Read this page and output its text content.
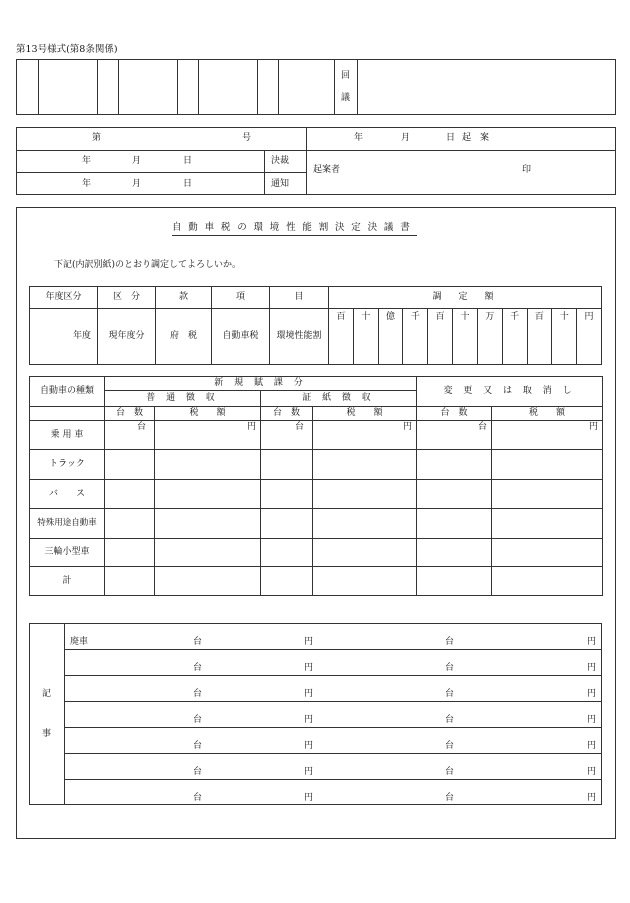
第13号様式(第8条関係)
回
議
第	号	年	月	日 起　案
年	月	日	決裁
年	月	日	通知
起案者	印
自動車税の環境性能割決定決議書
下記(内訳別紙)のとおり調定してよろしいか。
年度区分	区　分	款	項	目	調　定　額										
年度	現年度分	府　税	自動車税	環境性能割	百	十	億	千	百	十	万	千	百	十	円
自動車の種類	新 規 賦 課 分				変 更 又 は 取 消 し	
	普 通 徴 収		証 紙 徴 収			
	台　数	税　　額	台　数	税　　額	台　数	税　　額
乗 用 車	台	円	台	円	台	円

トラック						
バ　　ス						
特殊用途自動車						
三輪小型車						
計						
記
事
廃車	台	円	台	円
台	円	台	円
台	円	台	円
台	円	台	円
台	円	台	円
台	円	台	円
台	円	台	円
